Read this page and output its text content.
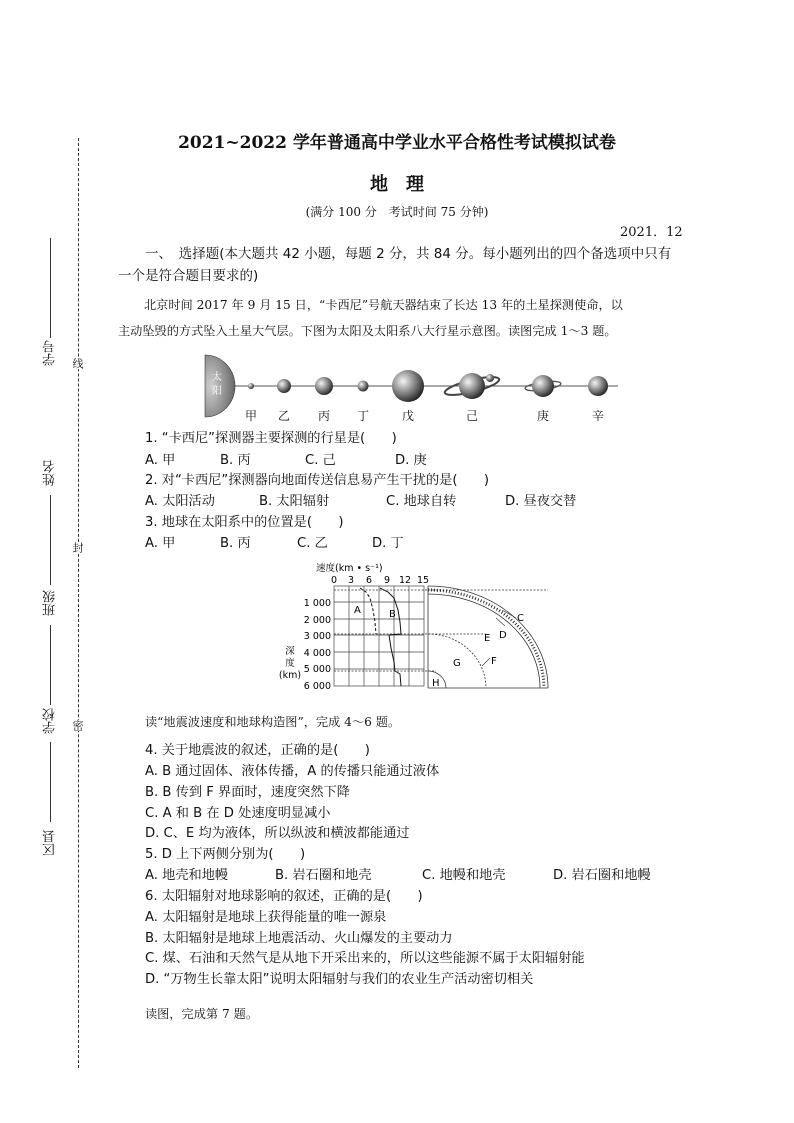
学号
姓名
班级
学校
区县
线
封
密
2021~2022 学年普通高中学业水平合格性考试模拟试卷
地　理
(满分 100 分　考试时间 75 分钟)
2021．12
一、　选择题(本大题共 42 小题，每题 2 分，共 84 分。每小题列出的四个备选项中只有
一个是符合题目要求的)
北京时间 2017 年 9 月 15 日，“卡西尼”号航天器结束了长达 13 年的土星探测使命，以
主动坠毁的方式坠入土星大气层。下图为太阳及太阳系八大行星示意图。读图完成 1～3 题。
太
阳
甲 乙 丙 丁	戊	己	庚	辛
1. “卡西尼”探测器主要探测的行星是(　　)
A. 甲	B. 丙	C. 己	D. 庚
2. 对“卡西尼”探测器向地面传送信息易产生干扰的是(　　)
A. 太阳活动	B. 太阳辐射	C. 地球自转	D. 昼夜交替
3. 地球在太阳系中的位置是(　　)
A. 甲	B. 丙	C. 乙	D. 丁
速度(km • s⁻¹)
0 3 6 9 12 15
1 000
2 000
3 000
4 000
5 000
6 000
深
度
(km)
A	B	C
D
E
F
G
H
读“地震波速度和地球构造图”，完成 4～6 题。
4. 关于地震波的叙述，正确的是(　　)
A. B 通过固体、液体传播，A 的传播只能通过液体
B. B 传到 F 界面时，速度突然下降
C. A 和 B 在 D 处速度明显减小
D. C、E 均为液体，所以纵波和横波都能通过
5. D 上下两侧分别为(　　)
A. 地壳和地幔	B. 岩石圈和地壳	C. 地幔和地壳	D. 岩石圈和地幔
6. 太阳辐射对地球影响的叙述，正确的是(　　)
A. 太阳辐射是地球上获得能量的唯一源泉
B. 太阳辐射是地球上地震活动、火山爆发的主要动力
C. 煤、石油和天然气是从地下开采出来的，所以这些能源不属于太阳辐射能
D. “万物生长靠太阳”说明太阳辐射与我们的农业生产活动密切相关
读图，完成第 7 题。
